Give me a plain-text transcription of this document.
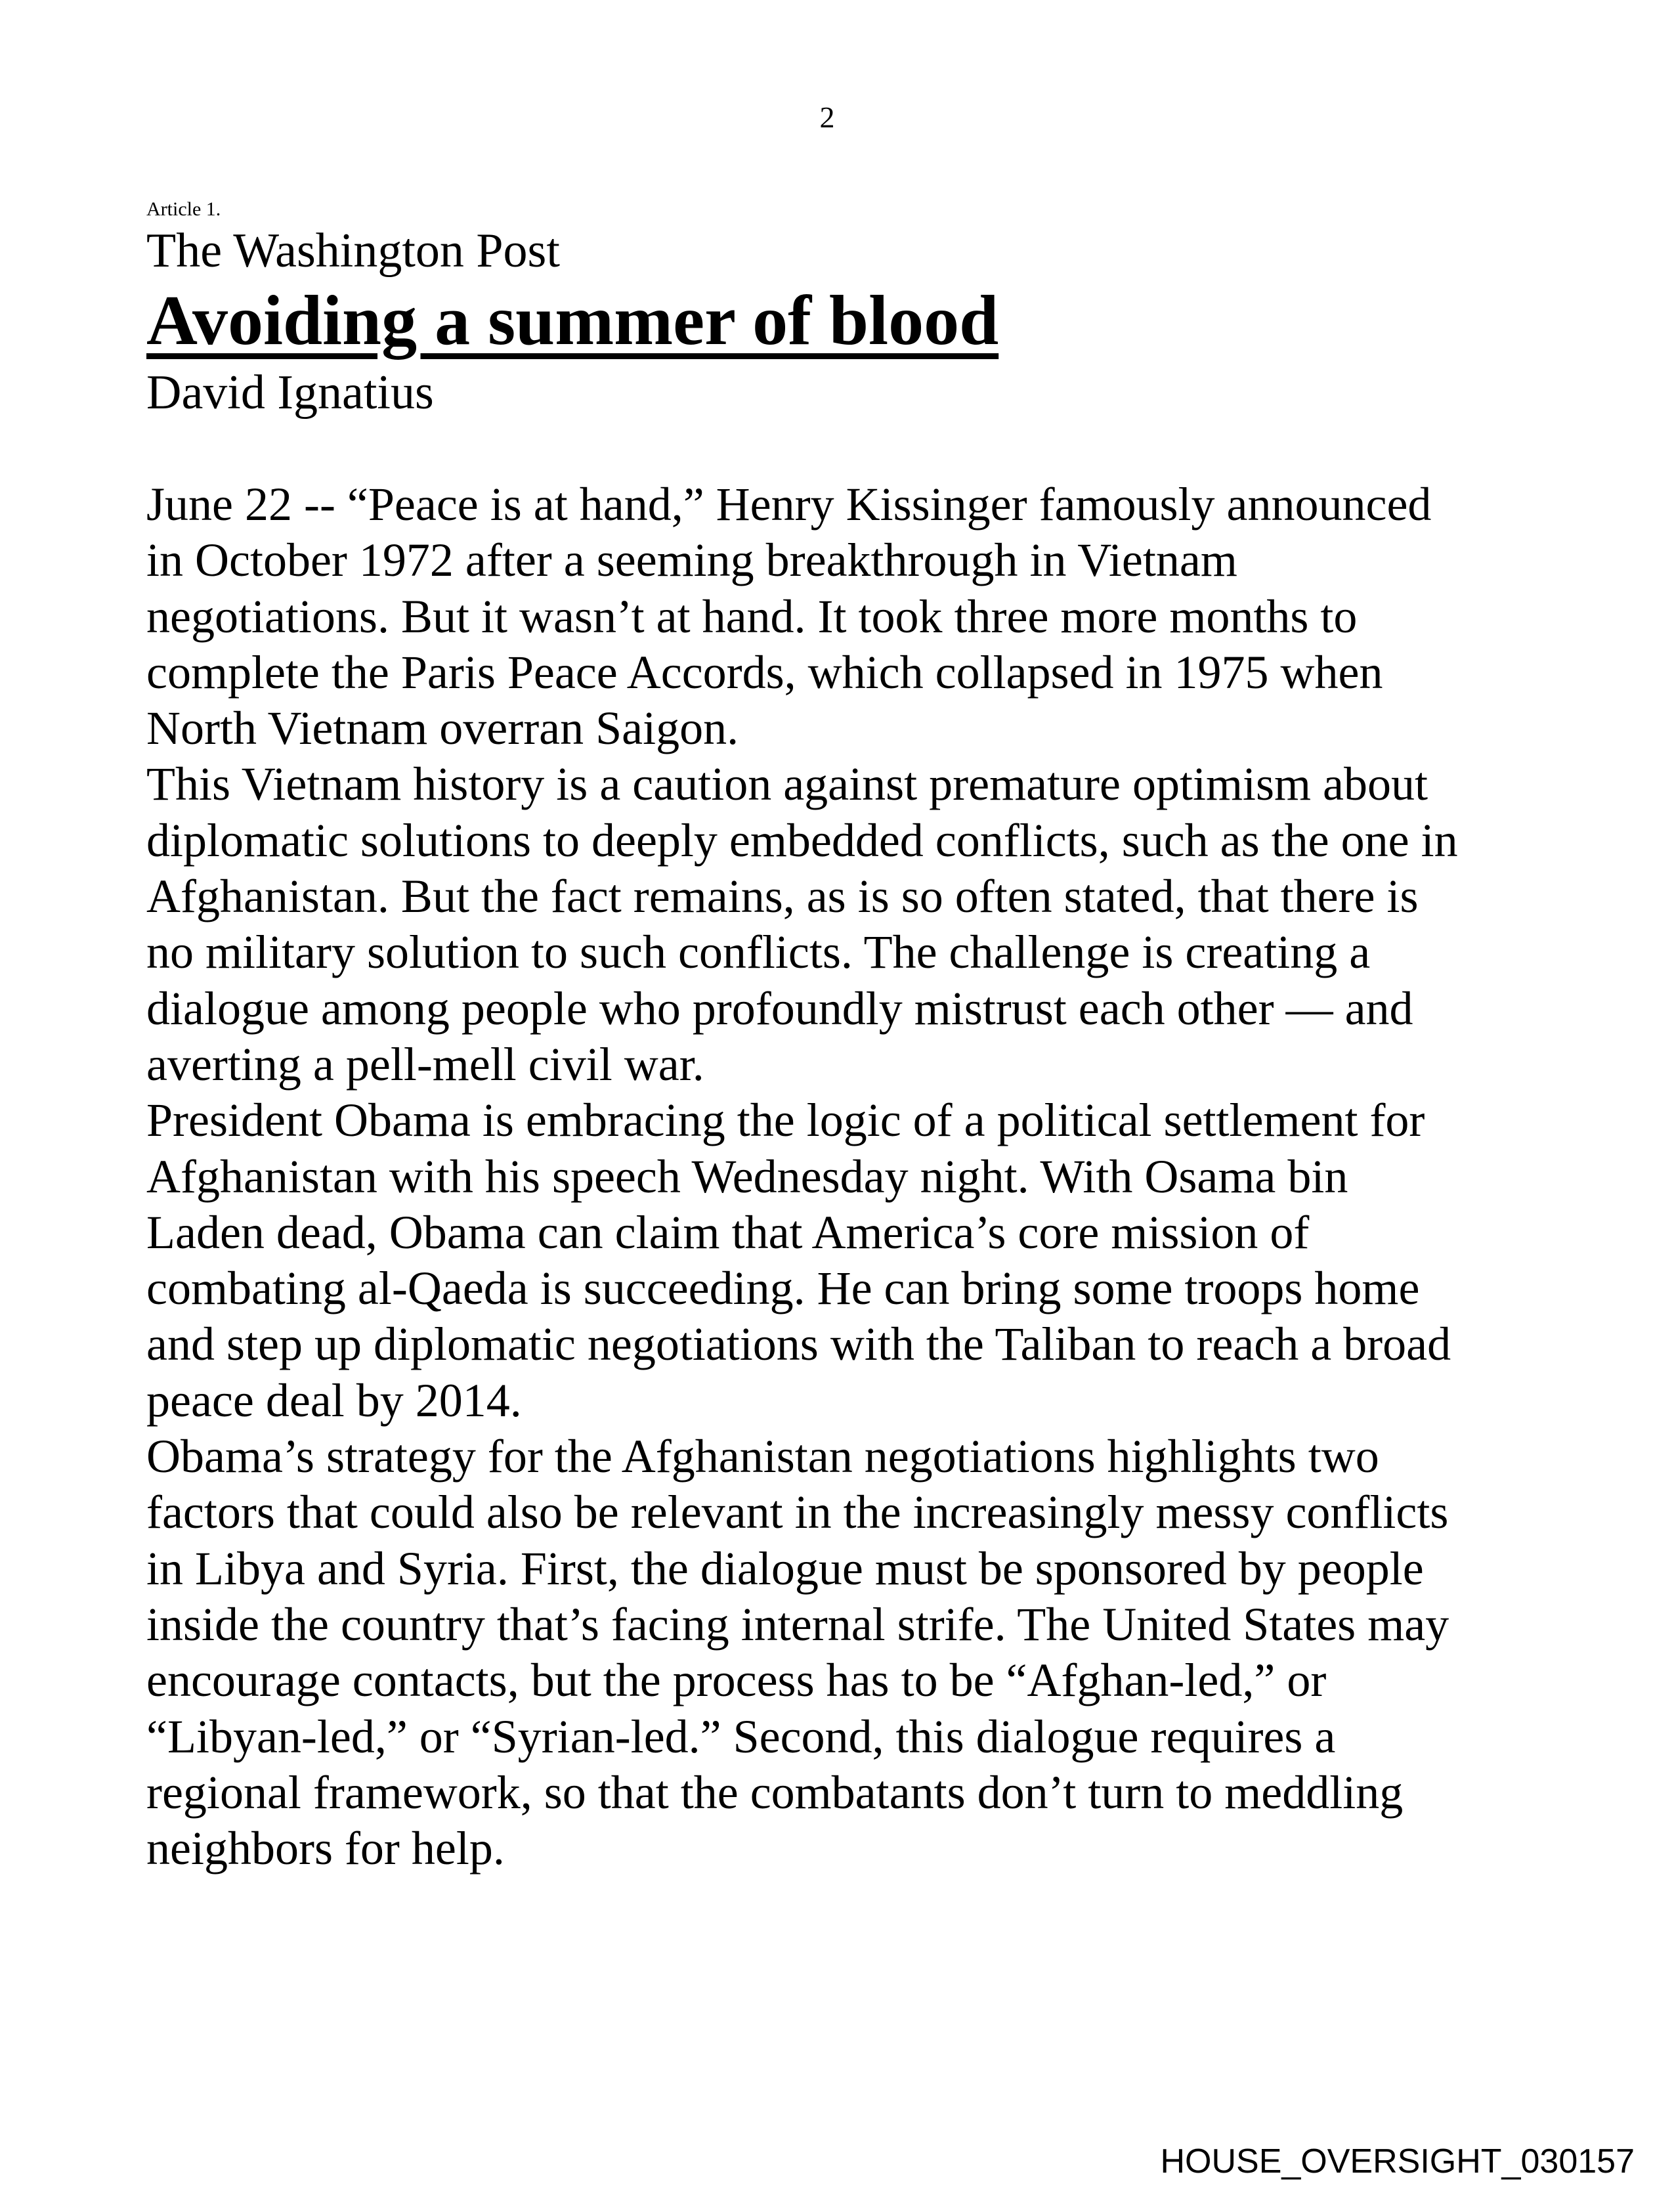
2
Article 1.
The Washington Post
Avoiding a summer of blood
David Ignatius
June 22 -- “Peace is at hand,” Henry Kissinger famously announced
in October 1972 after a seeming breakthrough in Vietnam
negotiations. But it wasn’t at hand. It took three more months to
complete the Paris Peace Accords, which collapsed in 1975 when
North Vietnam overran Saigon.
This Vietnam history is a caution against premature optimism about
diplomatic solutions to deeply embedded conflicts, such as the one in
Afghanistan. But the fact remains, as is so often stated, that there is
no military solution to such conflicts. The challenge is creating a
dialogue among people who profoundly mistrust each other — and
averting a pell-mell civil war.
President Obama is embracing the logic of a political settlement for
Afghanistan with his speech Wednesday night. With Osama bin
Laden dead, Obama can claim that America’s core mission of
combating al-Qaeda is succeeding. He can bring some troops home
and step up diplomatic negotiations with the Taliban to reach a broad
peace deal by 2014.
Obama’s strategy for the Afghanistan negotiations highlights two
factors that could also be relevant in the increasingly messy conflicts
in Libya and Syria. First, the dialogue must be sponsored by people
inside the country that’s facing internal strife. The United States may
encourage contacts, but the process has to be “Afghan-led,” or
“Libyan-led,” or “Syrian-led.” Second, this dialogue requires a
regional framework, so that the combatants don’t turn to meddling
neighbors for help.
HOUSE_OVERSIGHT_030157
